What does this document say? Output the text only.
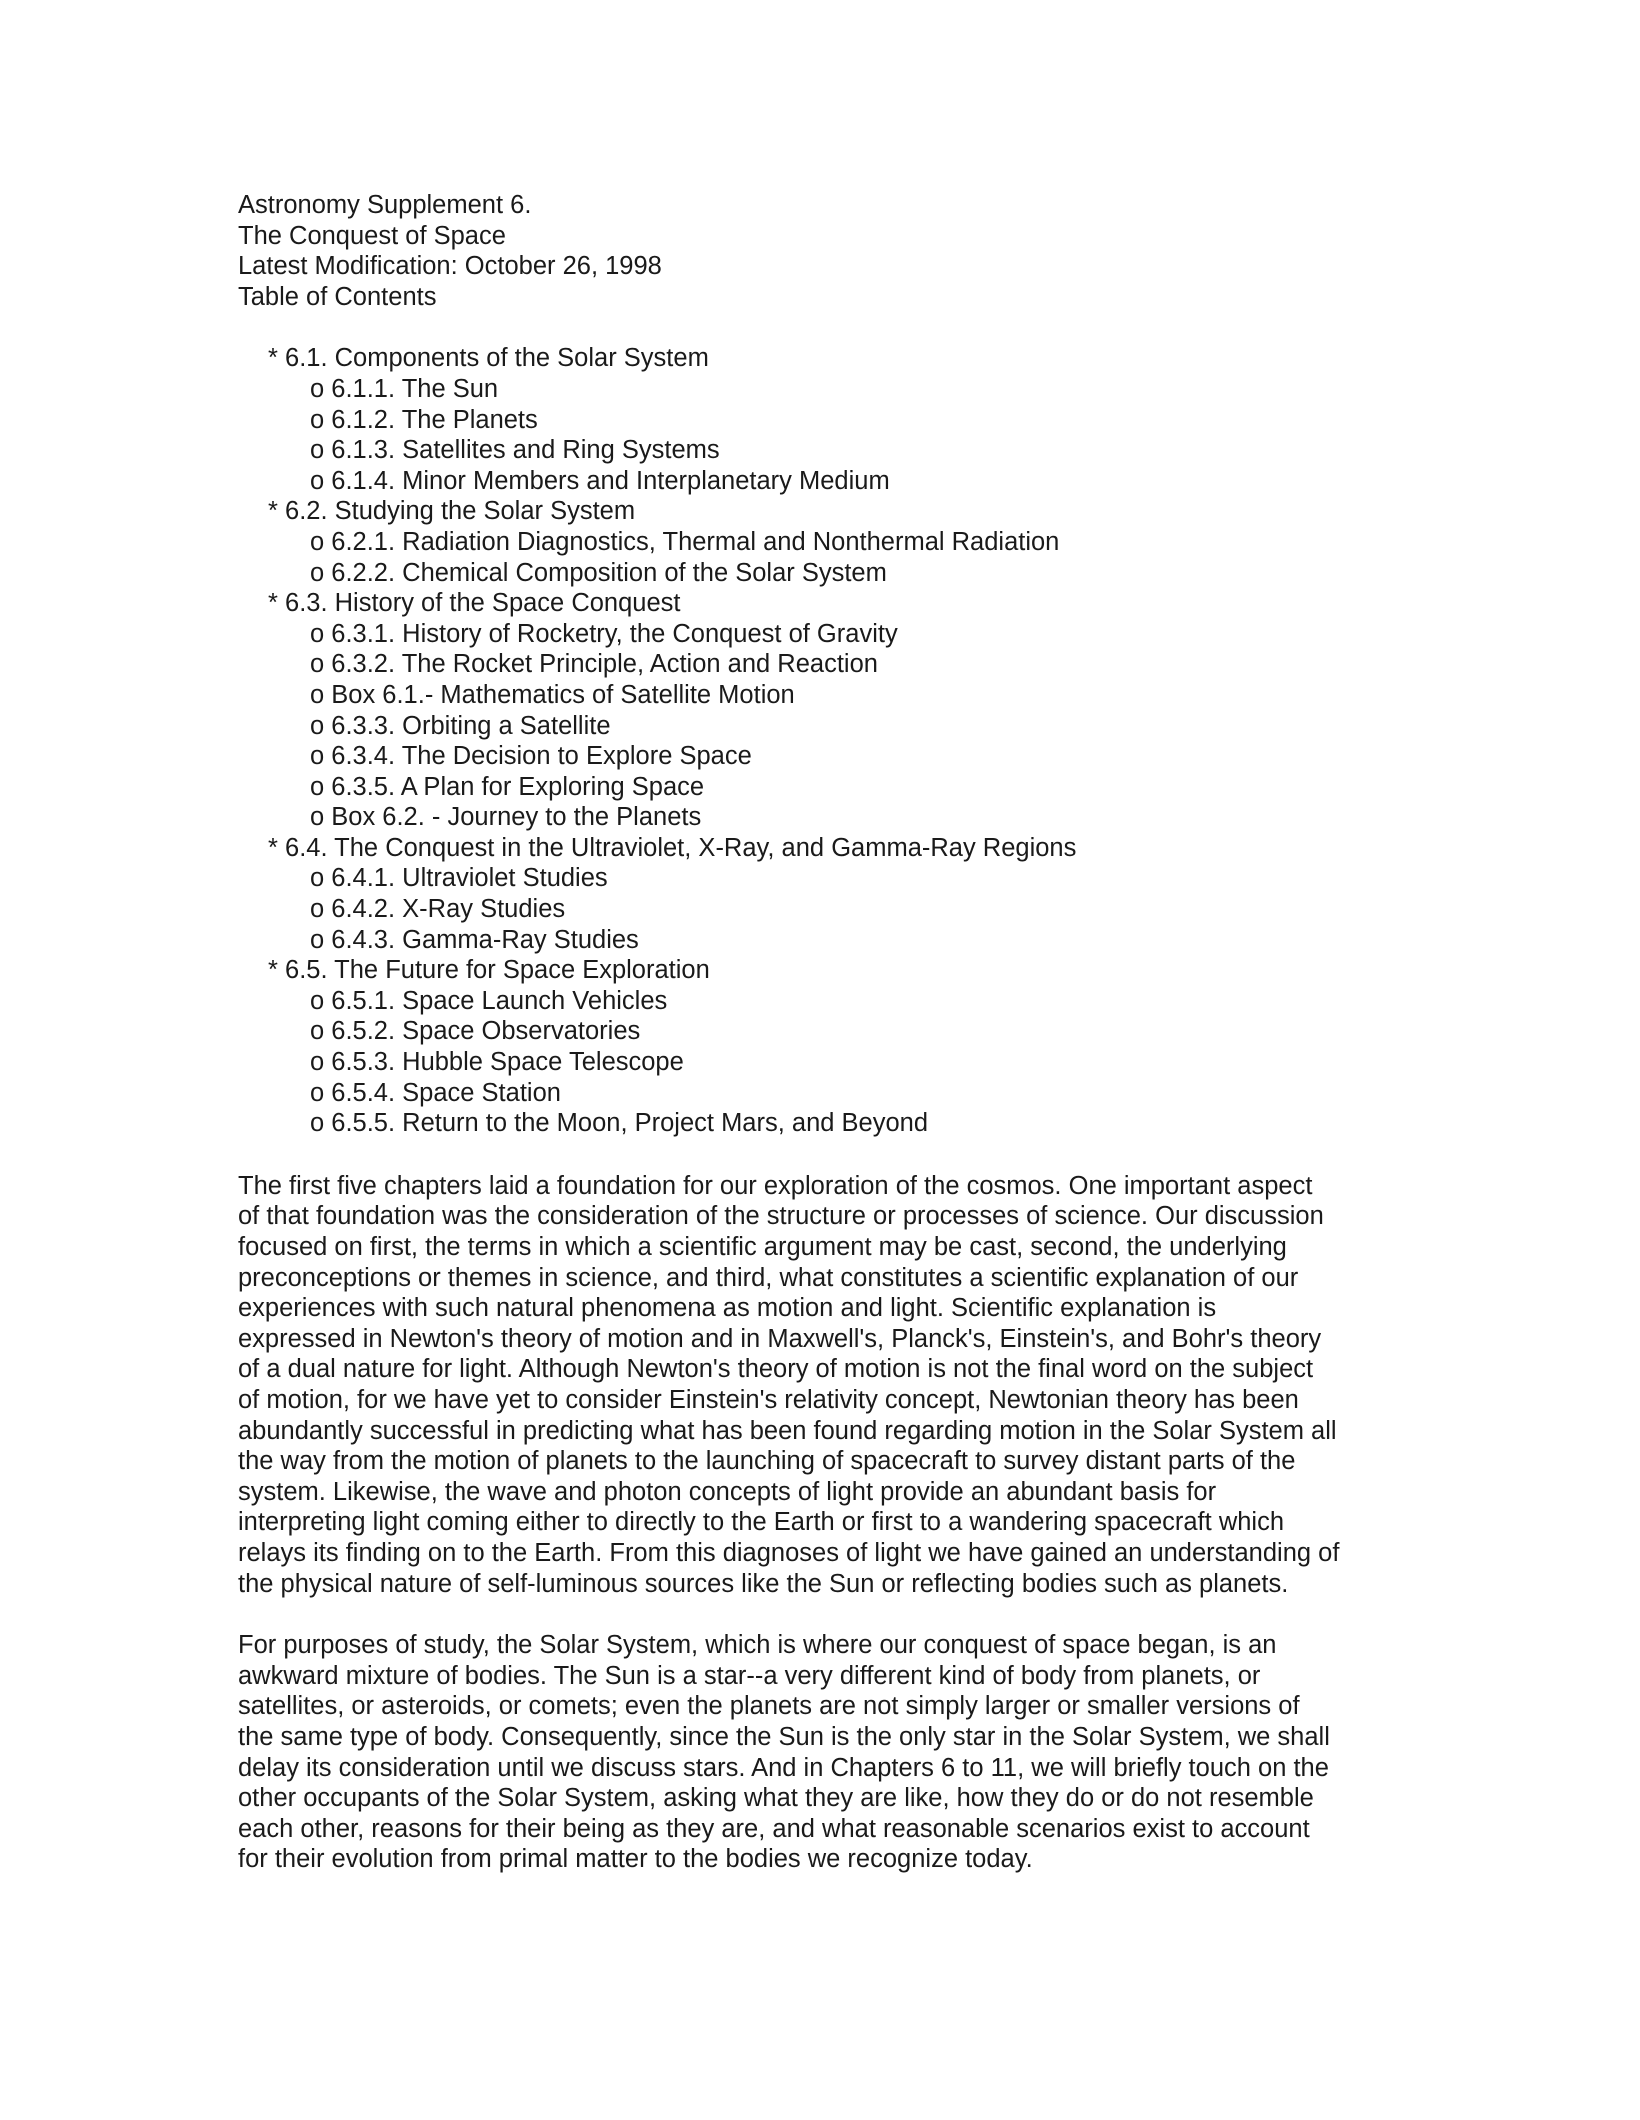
Astronomy Supplement 6.
The Conquest of Space
Latest Modification: October 26, 1998
Table of Contents
* 6.1. Components of the Solar System
o 6.1.1. The Sun
o 6.1.2. The Planets
o 6.1.3. Satellites and Ring Systems
o 6.1.4. Minor Members and Interplanetary Medium
* 6.2. Studying the Solar System
o 6.2.1. Radiation Diagnostics, Thermal and Nonthermal Radiation
o 6.2.2. Chemical Composition of the Solar System
* 6.3. History of the Space Conquest
o 6.3.1. History of Rocketry, the Conquest of Gravity
o 6.3.2. The Rocket Principle, Action and Reaction
o Box 6.1.- Mathematics of Satellite Motion
o 6.3.3. Orbiting a Satellite
o 6.3.4. The Decision to Explore Space
o 6.3.5. A Plan for Exploring Space
o Box 6.2. - Journey to the Planets
* 6.4. The Conquest in the Ultraviolet, X-Ray, and Gamma-Ray Regions
o 6.4.1. Ultraviolet Studies
o 6.4.2. X-Ray Studies
o 6.4.3. Gamma-Ray Studies
* 6.5. The Future for Space Exploration
o 6.5.1. Space Launch Vehicles
o 6.5.2. Space Observatories
o 6.5.3. Hubble Space Telescope
o 6.5.4. Space Station
o 6.5.5. Return to the Moon, Project Mars, and Beyond

The first five chapters laid a foundation for our exploration of the cosmos. One important aspect
of that foundation was the consideration of the structure or processes of science. Our discussion
focused on first, the terms in which a scientific argument may be cast, second, the underlying
preconceptions or themes in science, and third, what constitutes a scientific explanation of our
experiences with such natural phenomena as motion and light. Scientific explanation is
expressed in Newton's theory of motion and in Maxwell's, Planck's, Einstein's, and Bohr's theory
of a dual nature for light. Although Newton's theory of motion is not the final word on the subject
of motion, for we have yet to consider Einstein's relativity concept, Newtonian theory has been
abundantly successful in predicting what has been found regarding motion in the Solar System all
the way from the motion of planets to the launching of spacecraft to survey distant parts of the
system. Likewise, the wave and photon concepts of light provide an abundant basis for
interpreting light coming either to directly to the Earth or first to a wandering spacecraft which
relays its finding on to the Earth. From this diagnoses of light we have gained an understanding of
the physical nature of self-luminous sources like the Sun or reflecting bodies such as planets.

For purposes of study, the Solar System, which is where our conquest of space began, is an
awkward mixture of bodies. The Sun is a star--a very different kind of body from planets, or
satellites, or asteroids, or comets; even the planets are not simply larger or smaller versions of
the same type of body. Consequently, since the Sun is the only star in the Solar System, we shall
delay its consideration until we discuss stars. And in Chapters 6 to 11, we will briefly touch on the
other occupants of the Solar System, asking what they are like, how they do or do not resemble
each other, reasons for their being as they are, and what reasonable scenarios exist to account
for their evolution from primal matter to the bodies we recognize today.
